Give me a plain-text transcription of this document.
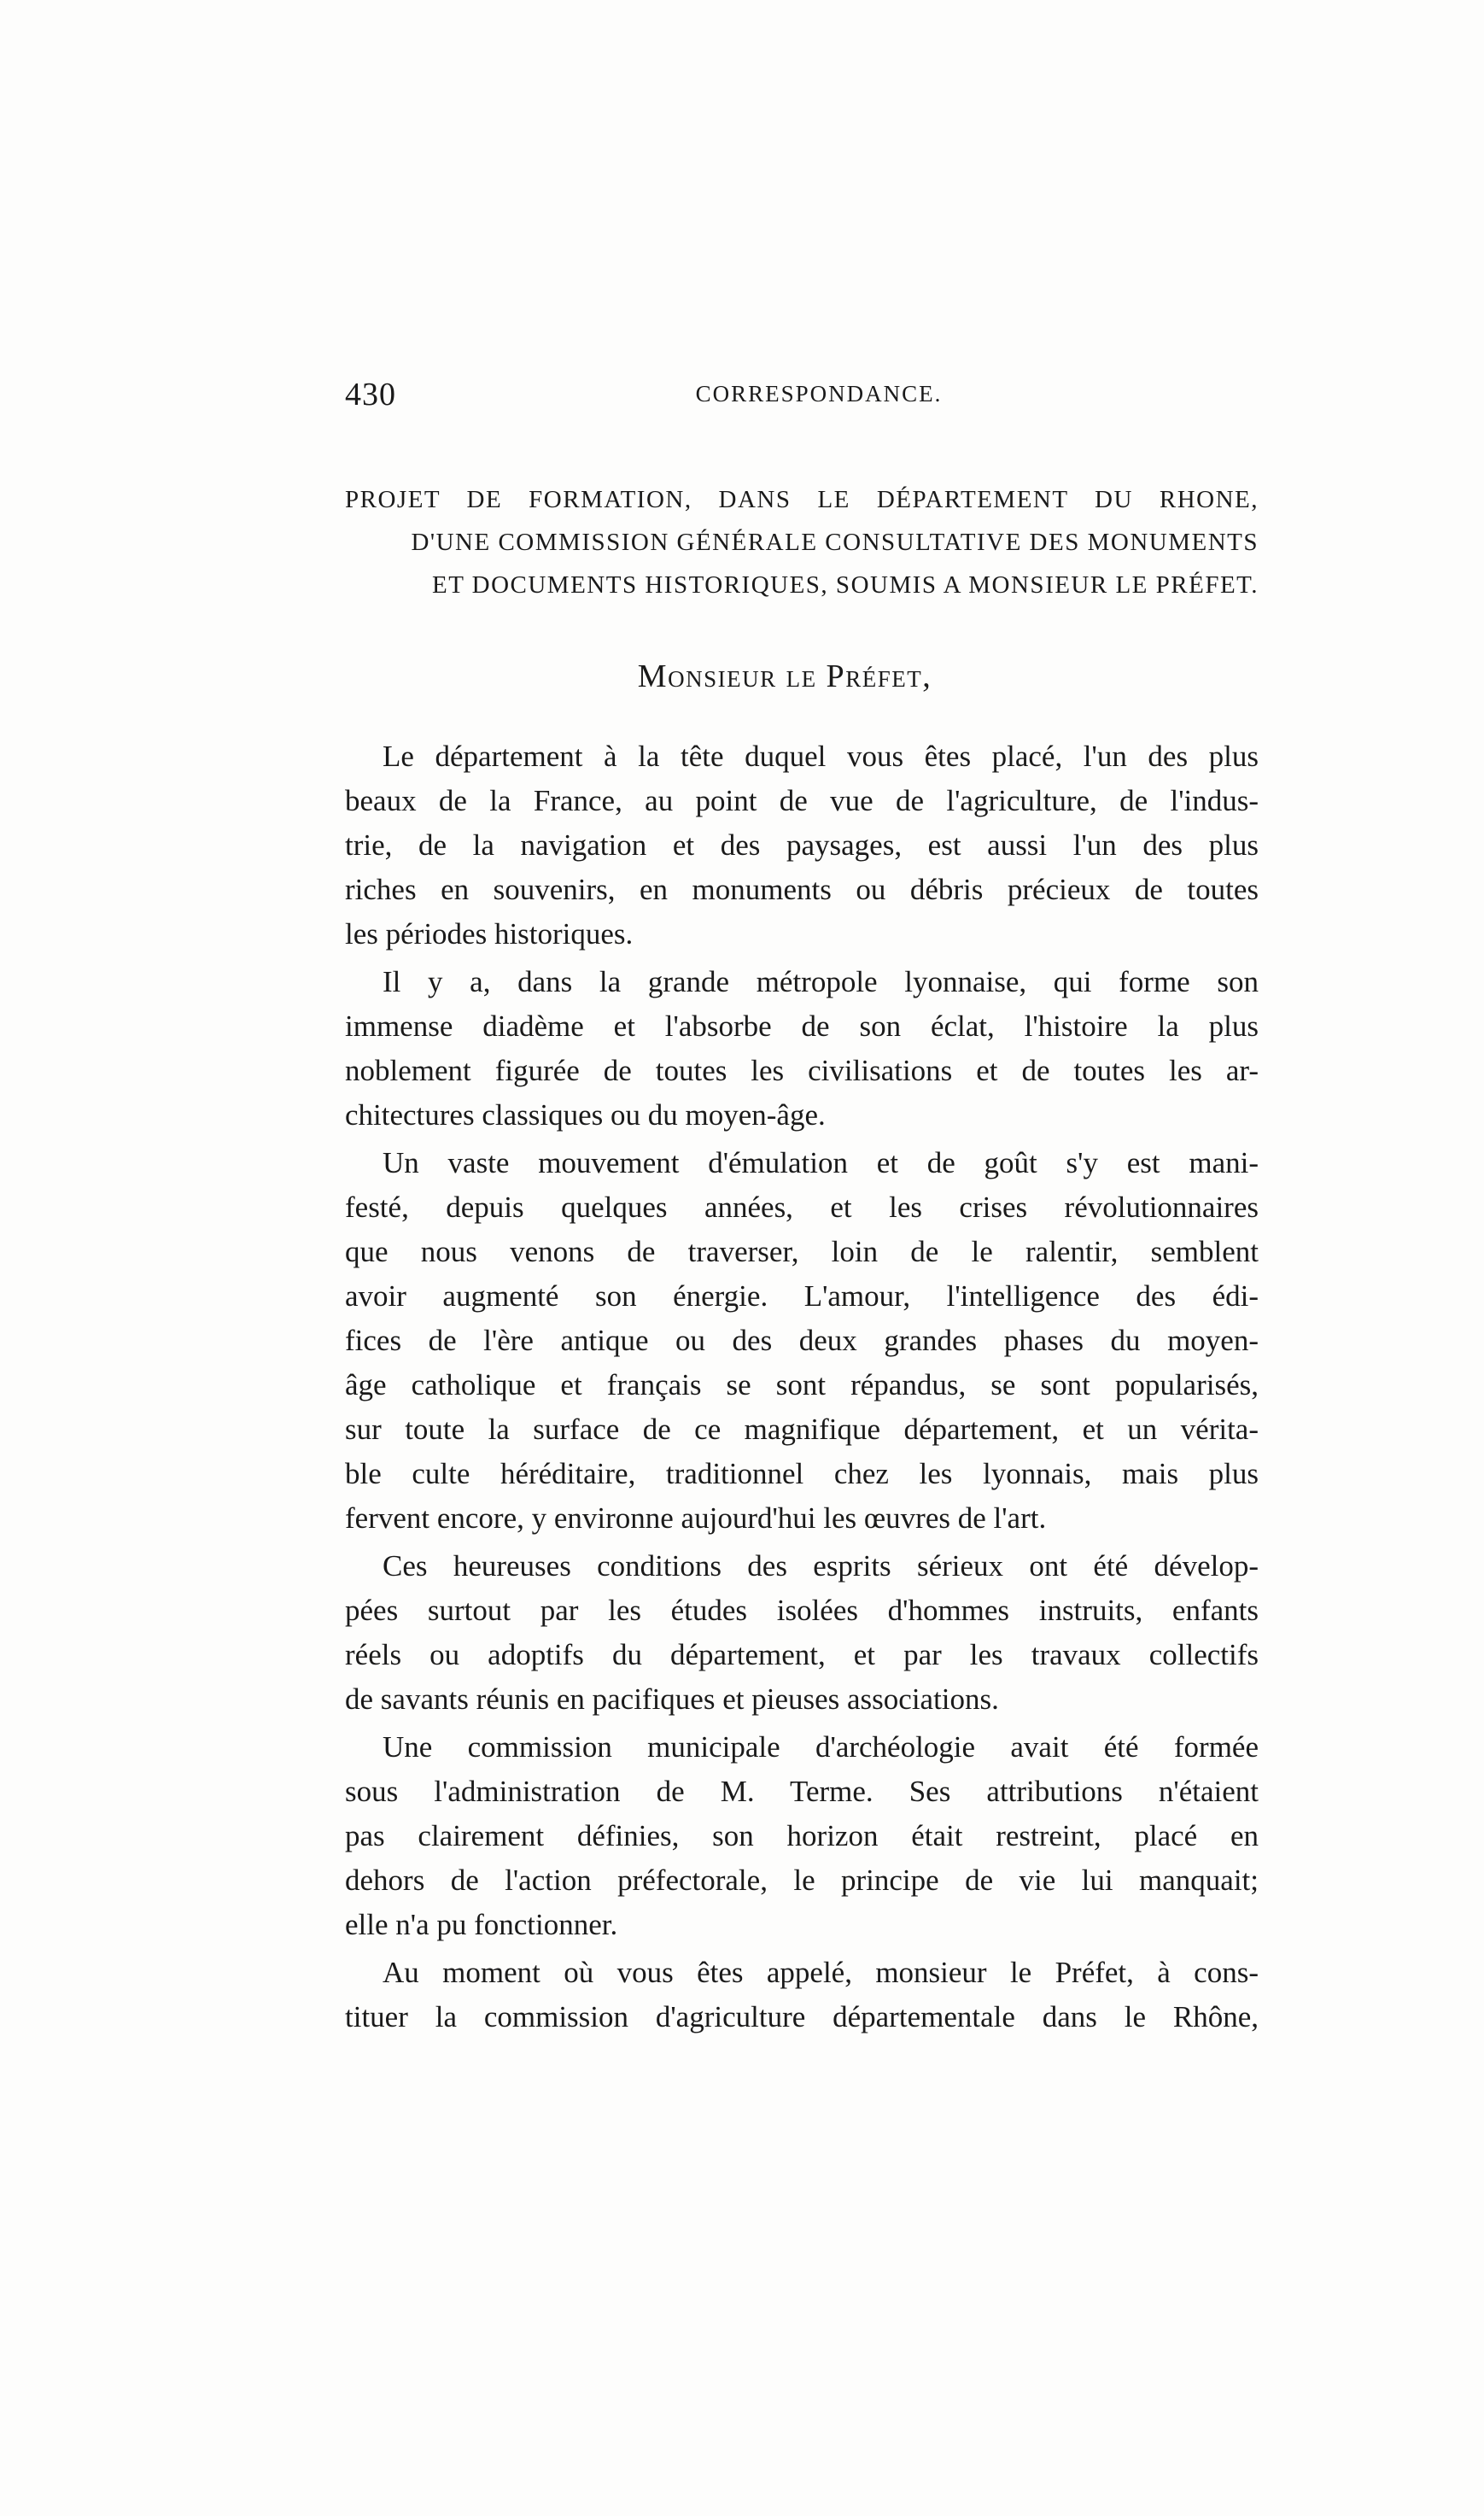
430	CORRESPONDANCE.
PROJET DE FORMATION, DANS LE DÉPARTEMENT DU RHONE,
D'UNE COMMISSION GÉNÉRALE CONSULTATIVE DES MONUMENTS
ET DOCUMENTS HISTORIQUES, SOUMIS A MONSIEUR LE PRÉFET.
Monsieur le Préfet,
Le département à la tête duquel vous êtes placé, l'un des plus
beaux de la France, au point de vue de l'agriculture, de l'indus-
trie, de la navigation et des paysages, est aussi l'un des plus
riches en souvenirs, en monuments ou débris précieux de toutes
les périodes historiques.
Il y a, dans la grande métropole lyonnaise, qui forme son
immense diadème et l'absorbe de son éclat, l'histoire la plus
noblement figurée de toutes les civilisations et de toutes les ar-
chitectures classiques ou du moyen-âge.
Un vaste mouvement d'émulation et de goût s'y est mani-
festé, depuis quelques années, et les crises révolutionnaires
que nous venons de traverser, loin de le ralentir, semblent
avoir augmenté son énergie. L'amour, l'intelligence des édi-
fices de l'ère antique ou des deux grandes phases du moyen-
âge catholique et français se sont répandus, se sont popularisés,
sur toute la surface de ce magnifique département, et un vérita-
ble culte héréditaire, traditionnel chez les lyonnais, mais plus
fervent encore, y environne aujourd'hui les œuvres de l'art.
Ces heureuses conditions des esprits sérieux ont été dévelop-
pées surtout par les études isolées d'hommes instruits, enfants
réels ou adoptifs du département, et par les travaux collectifs
de savants réunis en pacifiques et pieuses associations.
Une commission municipale d'archéologie avait été formée
sous l'administration de M. Terme. Ses attributions n'étaient
pas clairement définies, son horizon était restreint, placé en
dehors de l'action préfectorale, le principe de vie lui manquait;
elle n'a pu fonctionner.
Au moment où vous êtes appelé, monsieur le Préfet, à cons-
tituer la commission d'agriculture départementale dans le Rhône,
